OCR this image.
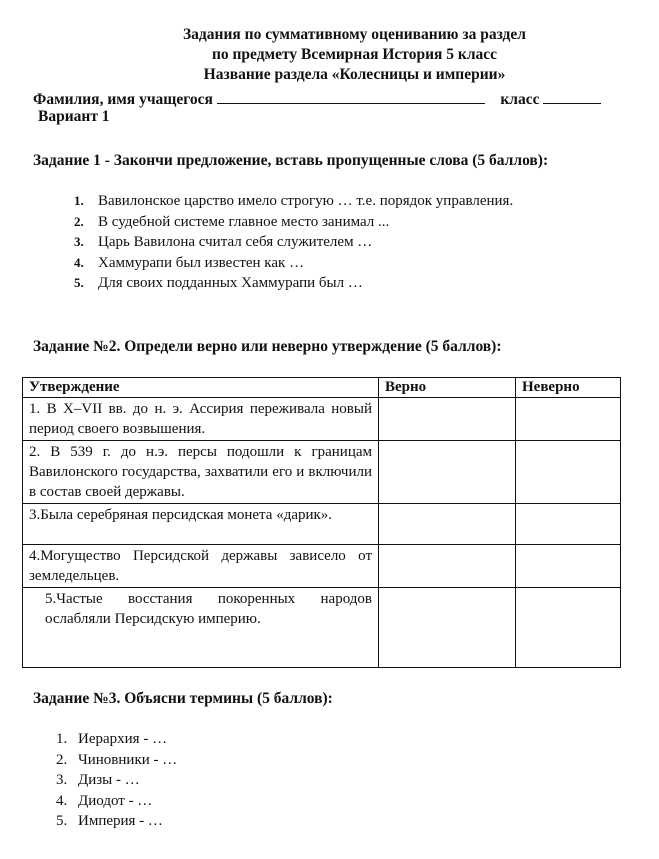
Задания по суммативному оцениванию за раздел
по предмету Всемирная История 5 класс
Название раздела «Колесницы и империи»
Фамилия, имя учащегося	класс
Вариант 1
Задание 1 - Закончи предложение, вставь пропущенные слова (5 баллов):
1. Вавилонское царство имело строгую … т.е. порядок управления.
2. В судебной системе главное место занимал ...
3. Царь Вавилона считал себя служителем …
4. Хаммурапи был известен как …
5. Для своих подданных Хаммурапи был …
Задание №2. Определи верно или неверно утверждение (5 баллов):
Утверждение	Верно	Неверно
1. В X–VII вв. до н. э. Ассирия переживала новый период своего возвышения.		
2. В 539 г. до н.э. персы подошли к границам Вавилонского государства, захватили его и включили в состав своей державы.		
3.Была серебряная персидская монета «дарик».		
4.Могущество Персидской державы зависело от земледельцев.		
5.Частые восстания покоренных народов ослабляли Персидскую империю.		
Задание №3. Объясни термины (5 баллов):
1. Иерархия - …
2. Чиновники - …
3. Дизы - …
4. Диодот - …
5. Империя - …
